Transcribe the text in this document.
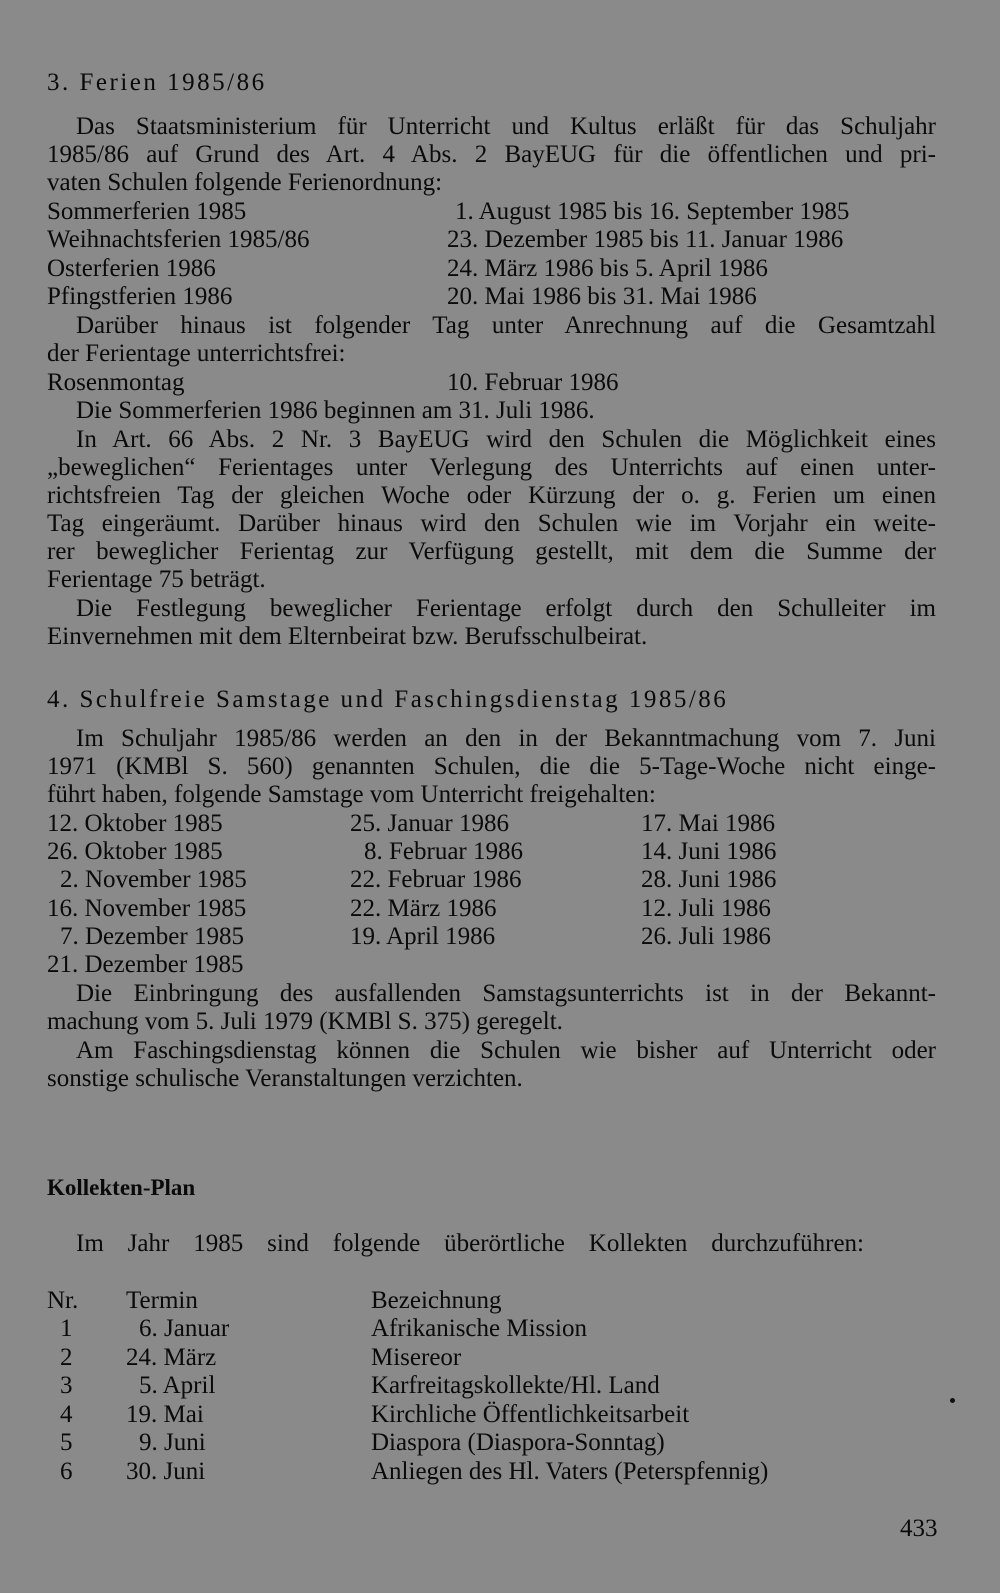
3. Ferien 1985/86
Das Staatsministerium für Unterricht und Kultus erläßt für das Schuljahr
1985/86 auf Grund des Art. 4 Abs. 2 BayEUG für die öffentlichen und pri-
vaten Schulen folgende Ferienordnung:
Sommerferien 1985	1. August 1985 bis 16. September 1985
Weihnachtsferien 1985/86	23. Dezember 1985 bis 11. Januar 1986
Osterferien 1986	24. März 1986 bis 5. April 1986
Pfingstferien 1986	20. Mai 1986 bis 31. Mai 1986
Darüber hinaus ist folgender Tag unter Anrechnung auf die Gesamtzahl
der Ferientage unterrichtsfrei:
Rosenmontag	10. Februar 1986
Die Sommerferien 1986 beginnen am 31. Juli 1986.
In Art. 66 Abs. 2 Nr. 3 BayEUG wird den Schulen die Möglichkeit eines
„beweglichen“ Ferientages unter Verlegung des Unterrichts auf einen unter-
richtsfreien Tag der gleichen Woche oder Kürzung der o. g. Ferien um einen
Tag eingeräumt. Darüber hinaus wird den Schulen wie im Vorjahr ein weite-
rer beweglicher Ferientag zur Verfügung gestellt, mit dem die Summe der
Ferientage 75 beträgt.
Die Festlegung beweglicher Ferientage erfolgt durch den Schulleiter im
Einvernehmen mit dem Elternbeirat bzw. Berufsschulbeirat.
4. Schulfreie Samstage und Faschingsdienstag 1985/86
Im Schuljahr 1985/86 werden an den in der Bekanntmachung vom 7. Juni
1971 (KMBl S. 560) genannten Schulen, die die 5-Tage-Woche nicht einge-
führt haben, folgende Samstage vom Unterricht freigehalten:
12. Oktober 1985	25. Januar 1986	17. Mai 1986
26. Oktober 1985	8. Februar 1986	14. Juni 1986
2. November 1985	22. Februar 1986	28. Juni 1986
16. November 1985	22. März 1986	12. Juli 1986
7. Dezember 1985	19. April 1986	26. Juli 1986
21. Dezember 1985
Die Einbringung des ausfallenden Samstagsunterrichts ist in der Bekannt-
machung vom 5. Juli 1979 (KMBl S. 375) geregelt.
Am Faschingsdienstag können die Schulen wie bisher auf Unterricht oder
sonstige schulische Veranstaltungen verzichten.
Kollekten-Plan
Im Jahr 1985 sind folgende überörtliche Kollekten durchzuführen:
Nr. Termin	Bezeichnung
1	6. Januar	Afrikanische Mission
2 24. März	Misereor
3	5. April	Karfreitagskollekte/Hl. Land
4 19. Mai	Kirchliche Öffentlichkeitsarbeit
5	9. Juni	Diaspora (Diaspora-Sonntag)
6 30. Juni	Anliegen des Hl. Vaters (Peterspfennig)
433
